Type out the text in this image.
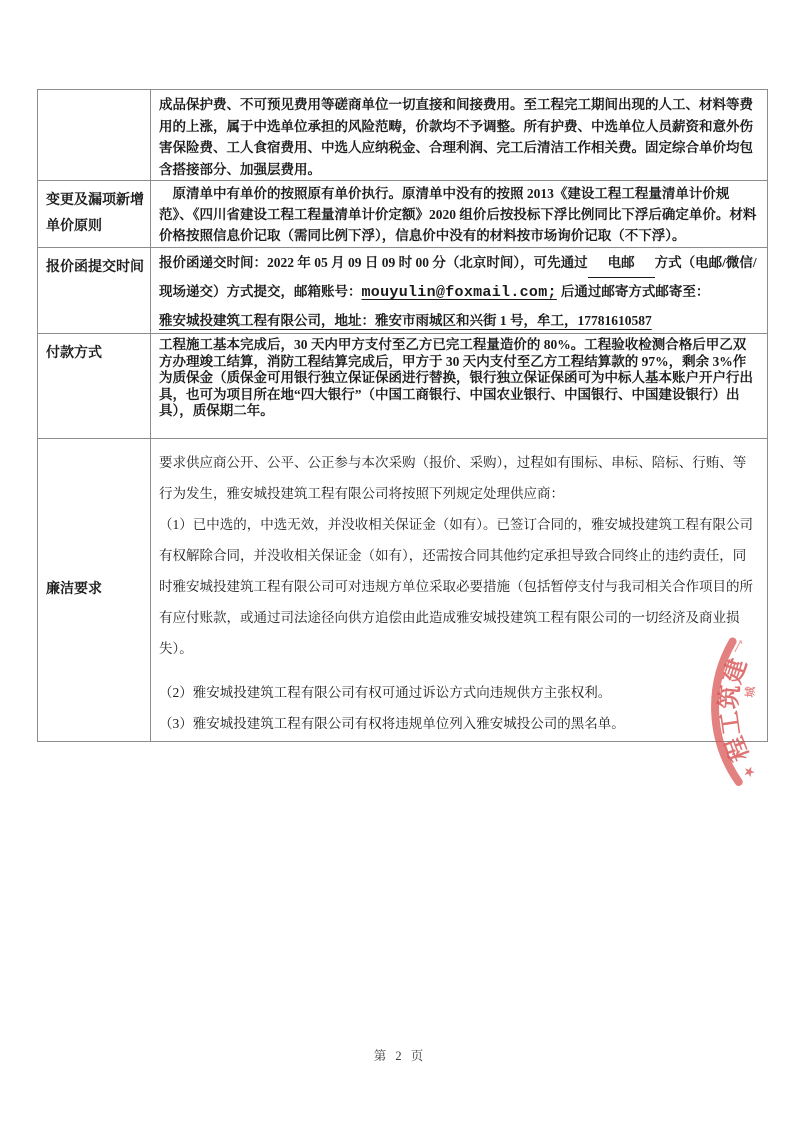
成品保护费、不可预见费用等磋商单位一切直接和间接费用。至工程完工期间出现的人工、材料等费用的上涨，属于中选单位承担的风险范畴，价款均不予调整。所有护费、中选单位人员薪资和意外伤害保险费、工人食宿费用、中选人应纳税金、合理利润、完工后清洁工作相关费。固定综合单价均包含搭接部分、加强层费用。

变更及漏项新增
单价原则

原清单中有单价的按照原有单价执行。原清单中没有的按照 2013《建设工程工程量清单计价规范》、《四川省建设工程工程量清单计价定额》2020 组价后按投标下浮比例同比下浮后确定单价。材料价格按照信息价记取（需同比例下浮），信息价中没有的材料按市场询价记取（不下浮）。

报价函提交时间 报价函递交时间：2022 年 05 月 09 日 09 时 00 分（北京时间），可先通过 电邮 方式（电邮/微信/现场递交）方式提交，邮箱账号：mouyulin@foxmail.com; 后通过邮寄方式邮寄至：

雅安城投建筑工程有限公司，地址：雅安市雨城区和兴街 1 号，牟工，17781610587

付款方式

工程施工基本完成后，30 天内甲方支付至乙方已完工程量造价的 80%。工程验收检测合格后甲乙双方办理竣工结算，消防工程结算完成后，甲方于 30 天内支付至乙方工程结算款的 97%，剩余 3%作为质保金（质保金可用银行独立保证保函进行替换，银行独立保证保函可为中标人基本账户开户行出具，也可为项目所在地“四大银行”（中国工商银行、中国农业银行、中国银行、中国建设银行）出具），质保期二年。

廉洁要求

要求供应商公开、公平、公正参与本次采购（报价、采购），过程如有围标、串标、陪标、行贿、等行为发生，雅安城投建筑工程有限公司将按照下列规定处理供应商：

（1）已中选的，中选无效，并没收相关保证金（如有）。已签订合同的，雅安城投建筑工程有限公司有权解除合同，并没收相关保证金（如有），还需按合同其他约定承担导致合同终止的违约责任，同时雅安城投建筑工程有限公司可对违规方单位采取必要措施（包括暂停支付与我司相关合作项目的所有应付账款，或通过司法途径向供方追偿由此造成雅安城投建筑工程有限公司的一切经济及商业损失）。

（2）雅安城投建筑工程有限公司有权可通过诉讼方式向违规供方主张权利。

（3）雅安城投建筑工程有限公司有权将违规单位列入雅安城投公司的黑名单。

乛
建
筑 城
工
程
★
第 2 页
